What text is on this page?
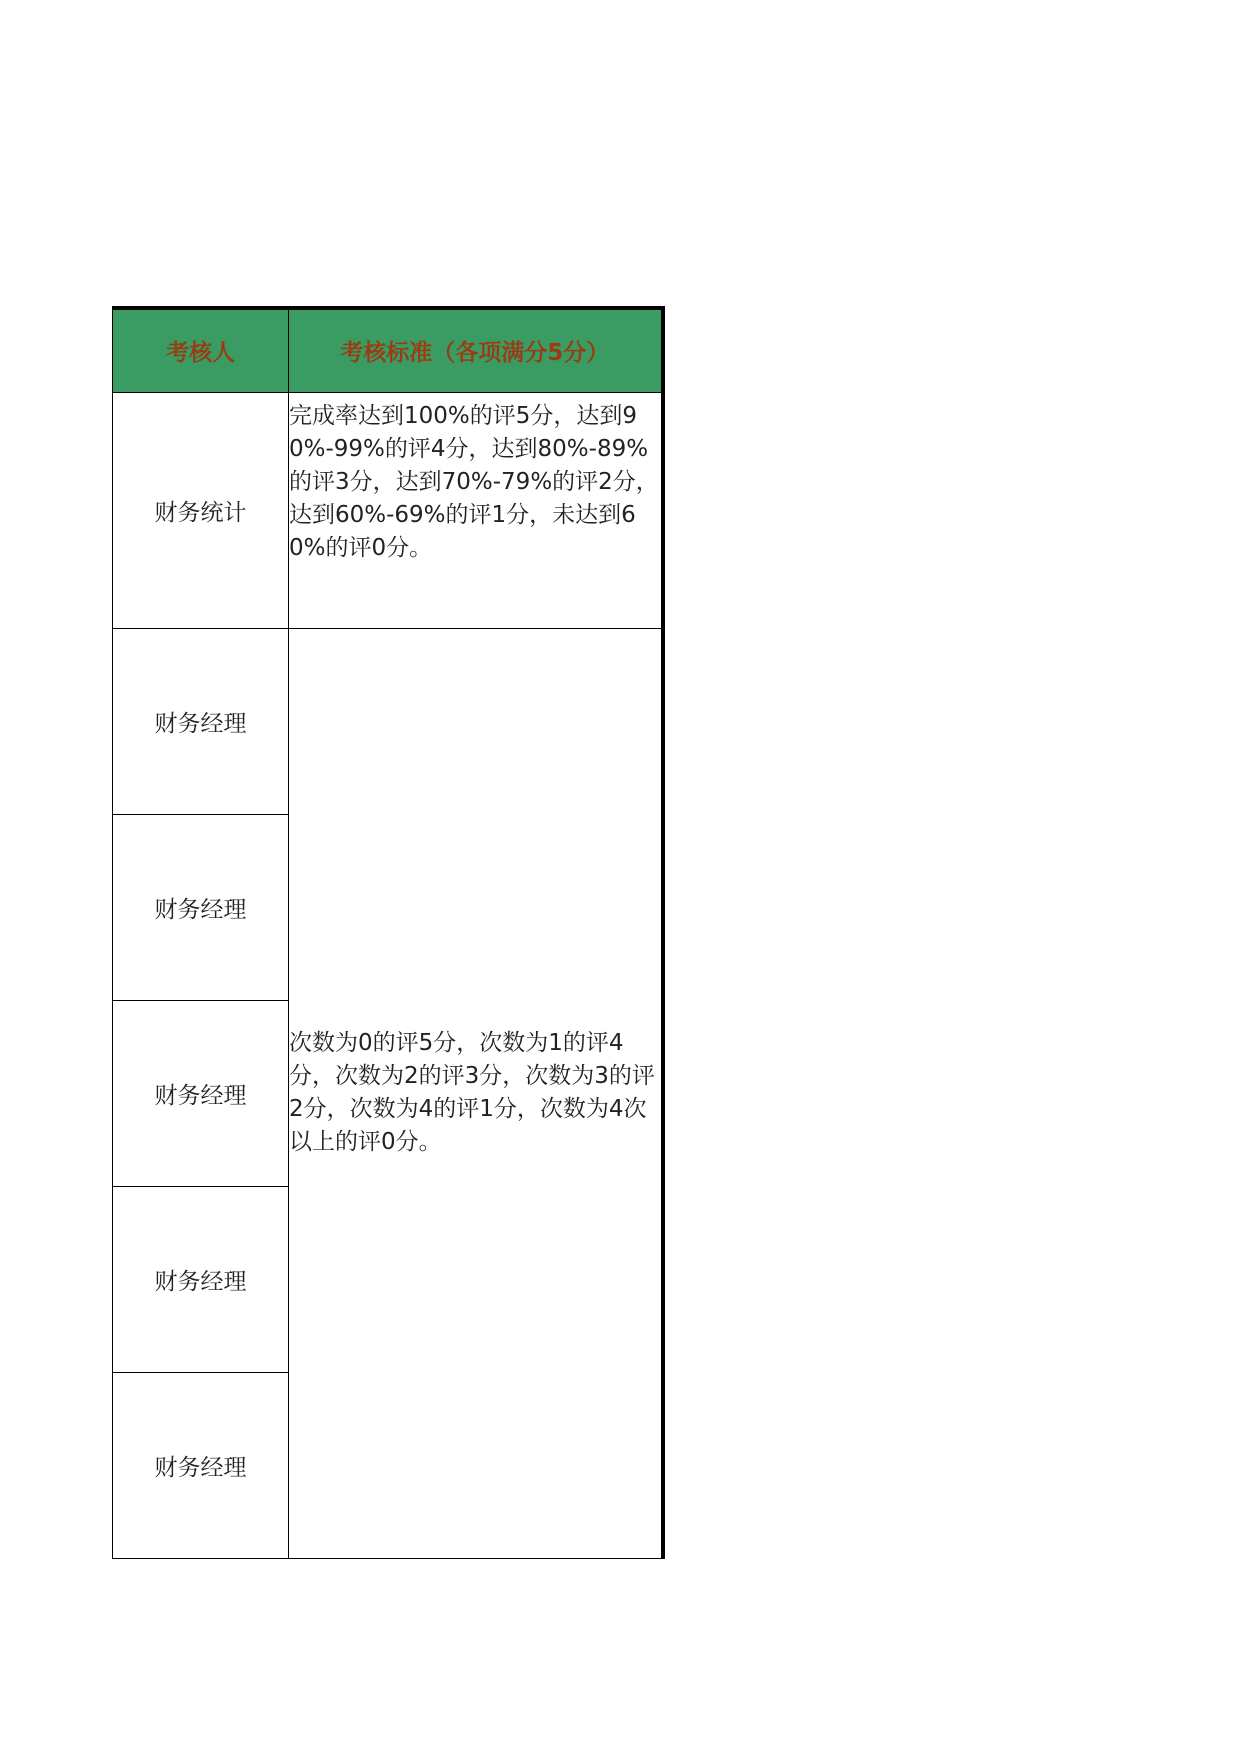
考核人	考核标准（各项满分5分）
财务统计	完成率达到100%的评5分，达到90%-99%的评4分，达到80%-89%的评3分，达到70%-79%的评2分，达到60%-69%的评1分，未达到60%的评0分。
财务经理	次数为0的评5分，次数为1的评4分，次数为2的评3分，次数为3的评2分，次数为4的评1分，次数为4次以上的评0分。
财务经理	
财务经理	
财务经理	
财务经理	
